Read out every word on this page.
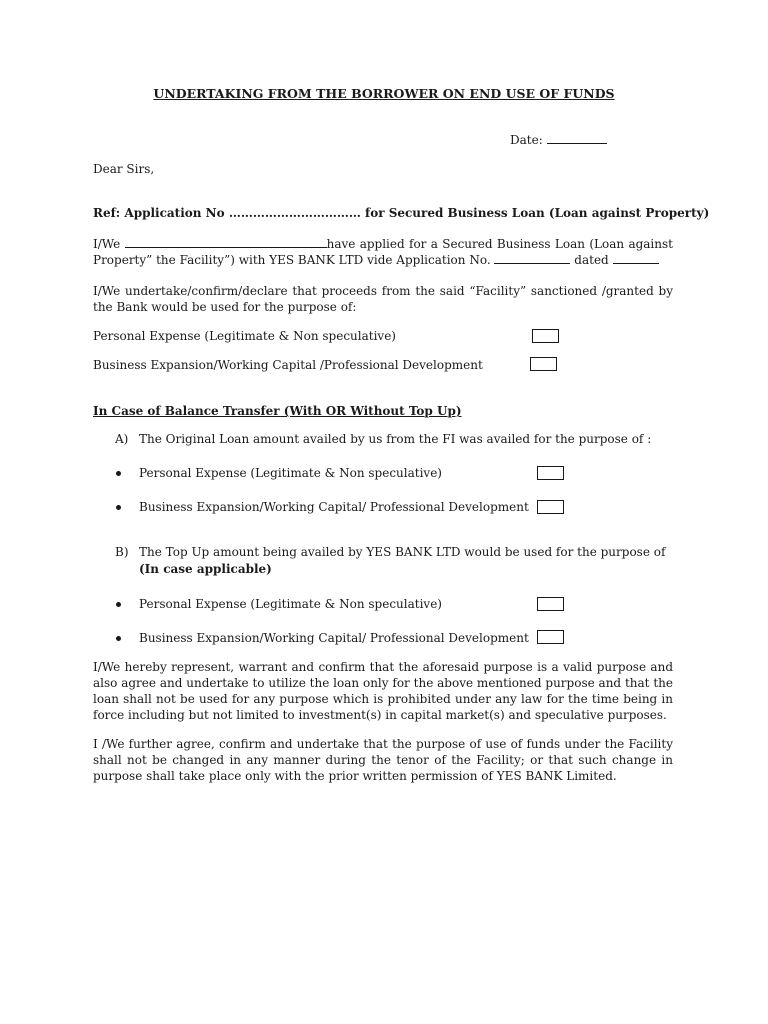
UNDERTAKING FROM THE BORROWER ON END USE OF FUNDS
Date:
Dear Sirs,
Ref: Application No …………………………… for Secured Business Loan (Loan against Property)
I/We	have applied for a Secured Business Loan (Loan against Property” the Facility”) with YES BANK LTD vide Application No.	dated
I/We undertake/confirm/declare that proceeds from the said “Facility” sanctioned /granted by the Bank would be used for the purpose of:
Personal Expense (Legitimate & Non speculative)
Business Expansion/Working Capital /Professional Development
In Case of Balance Transfer (With OR Without Top Up)
A) The Original Loan amount availed by us from the FI was availed for the purpose of :
Personal Expense (Legitimate & Non speculative)
Business Expansion/Working Capital/ Professional Development
B) The Top Up amount being availed by YES BANK LTD would be used for the purpose of
(In case applicable)
Personal Expense (Legitimate & Non speculative)
Business Expansion/Working Capital/ Professional Development
I/We hereby represent, warrant and confirm that the aforesaid purpose is a valid purpose and also agree and undertake to utilize the loan only for the above mentioned purpose and that the loan shall not be used for any purpose which is prohibited under any law for the time being in force including but not limited to investment(s) in capital market(s) and speculative purposes.
I /We further agree, confirm and undertake that the purpose of use of funds under the Facility shall not be changed in any manner during the tenor of the Facility; or that such change in purpose shall take place only with the prior written permission of YES BANK Limited.
